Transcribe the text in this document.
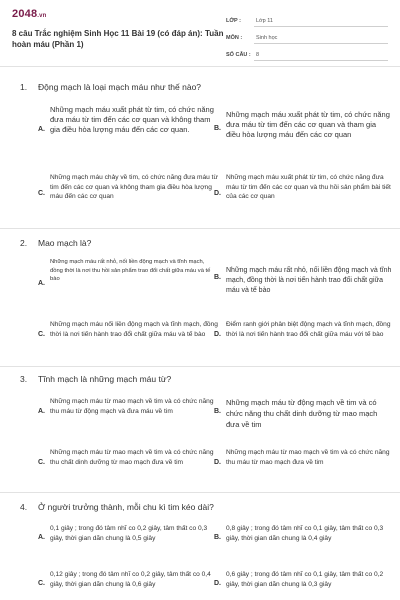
2048.vn
8 câu Trắc nghiệm Sinh Học 11 Bài 19 (có đáp án): Tuần hoàn máu (Phần 1)
LỚP :	Lớp 11
MÔN :	Sinh học
SỐ CÂU : 8
1.	Động mạch là loại mạch máu như thế nào?
A.
Những mạch máu xuất phát từ tim, có chức năng đưa máu từ tim đến các cơ quan và không tham gia điều hòa lượng máu đến các cơ quan.	B.
Những mạch máu xuất phát từ tim, có chức năng đưa máu từ tim đến các cơ quan và tham gia điều hòa lượng máu đến các cơ quan
C.
Những mạch máu chảy về tim, có chức năng đưa máu từ tim đến các cơ quan và không tham gia điều hòa lượng máu đến các cơ quan	D.
Những mạch máu xuất phát từ tim, có chức năng đưa máu từ tim đến các cơ quan và thu hồi sản phẩm bài tiết của các cơ quan
2.	Mao mạch là?
A.
Những mạch máu rất nhỏ, nối liền động mạch và tĩnh mạch, đồng thời là nơi thu hồi sản phẩm trao đổi chất giữa máu và tế bào	B.
Những mạch máu rất nhỏ, nối liền động mạch và tĩnh mạch, đồng thời là nơi tiến hành trao đổi chất giữa máu và tế bào
C.
Những mạch máu nối liền động mạch và tĩnh mạch, đồng thời là nơi tiến hành trao đổi chất giữa máu và tế bào	D.
Điểm ranh giới phân biệt động mạch và tĩnh mạch, đồng thời là nơi tiến hành trao đổi chất giữa máu với tế bào
3.	Tĩnh mạch là những mạch máu từ?
A.
Những mạch máu từ mao mạch về tim và có chức năng thu máu từ động mạch và đưa máu về tim	B.
Những mạch máu từ động mạch về tim và có chức năng thu chất dinh dưỡng từ mao mạch đưa về tim
C.
Những mạch máu từ mao mạch về tim và có chức năng thu chất dinh dưỡng từ mao mạch đưa về tim	D.
Những mạch máu từ mao mạch về tim và có chức năng thu máu từ mao mạch đưa về tim
4.	Ở người trưởng thành, mỗi chu kì tim kéo dài?
A.
0,1 giây ; trong đó tâm nhĩ co 0,2 giây, tâm thất co 0,3 giây, thời gian dãn chung là 0,5 giây	B.
0,8 giây ; trong đó tâm nhĩ co 0,1 giây, tâm thất co 0,3 giây, thời gian dãn chung là 0,4 giây
C.
0,12 giây ; trong đó tâm nhĩ co 0,2 giây, tâm thất co 0,4 giây, thời gian dãn chung là 0,6 giây	D.
0,6 giây ; trong đó tâm nhĩ co 0,1 giây, tâm thất co 0,2 giây, thời gian dãn chung là 0,3 giây
